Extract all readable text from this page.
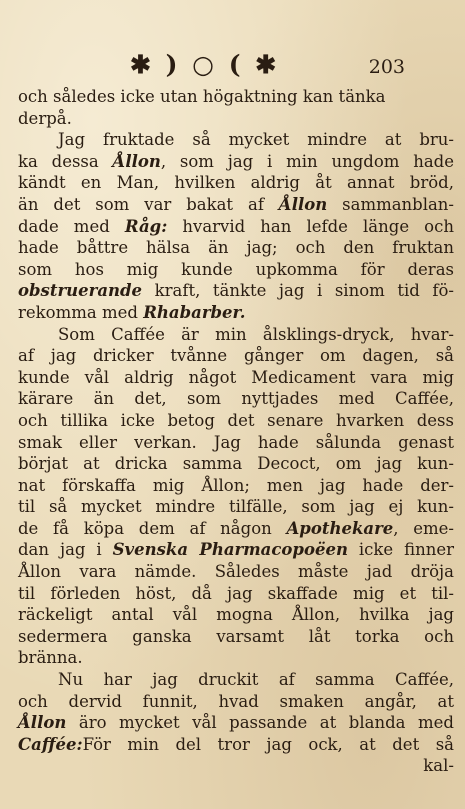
✱ ) ○ ( ✱	203
och således icke utan högaktning kan tänka
derpå.
Jag fruktade så mycket mindre at bru-
ka dessa Ållon, som jag i min ungdom hade
kändt en Man, hvilken aldrig åt annat bröd,
än det som var bakat af Ållon sammanblan-
dade med Råg: hvarvid han lefde länge och
hade båttre hälsa än jag; och den fruktan
som hos mig kunde upkomma för deras
obstruerande kraft, tänkte jag i sinom tid fö-
rekomma med Rhabarber.
Som Caffée är min ålsklings-dryck, hvar-
af jag dricker tvånne gånger om dagen, så
kunde vål aldrig något Medicament vara mig
kärare än det, som nyttjades med Caffée,
och tillika icke betog det senare hvarken dess
smak eller verkan. Jag hade sålunda genast
börjat at dricka samma Decoct, om jag kun-
nat förskaffa mig Ållon; men jag hade der-
til så mycket mindre tilfälle, som jag ej kun-
de få köpa dem af någon Apothekare, eme-
dan jag i Svenska Pharmacopoëen icke finner
Ållon vara nämde. Således måste jad dröja
til förleden höst, då jag skaffade mig et til-
räckeligt antal vål mogna Ållon, hvilka jag
sedermera ganska varsamt låt torka och
bränna.
Nu har jag druckit af samma Caffée,
och dervid funnit, hvad smaken angår, at
Ållon äro mycket vål passande at blanda med
Caffée:För min del tror jag ock, at det så
kal-
